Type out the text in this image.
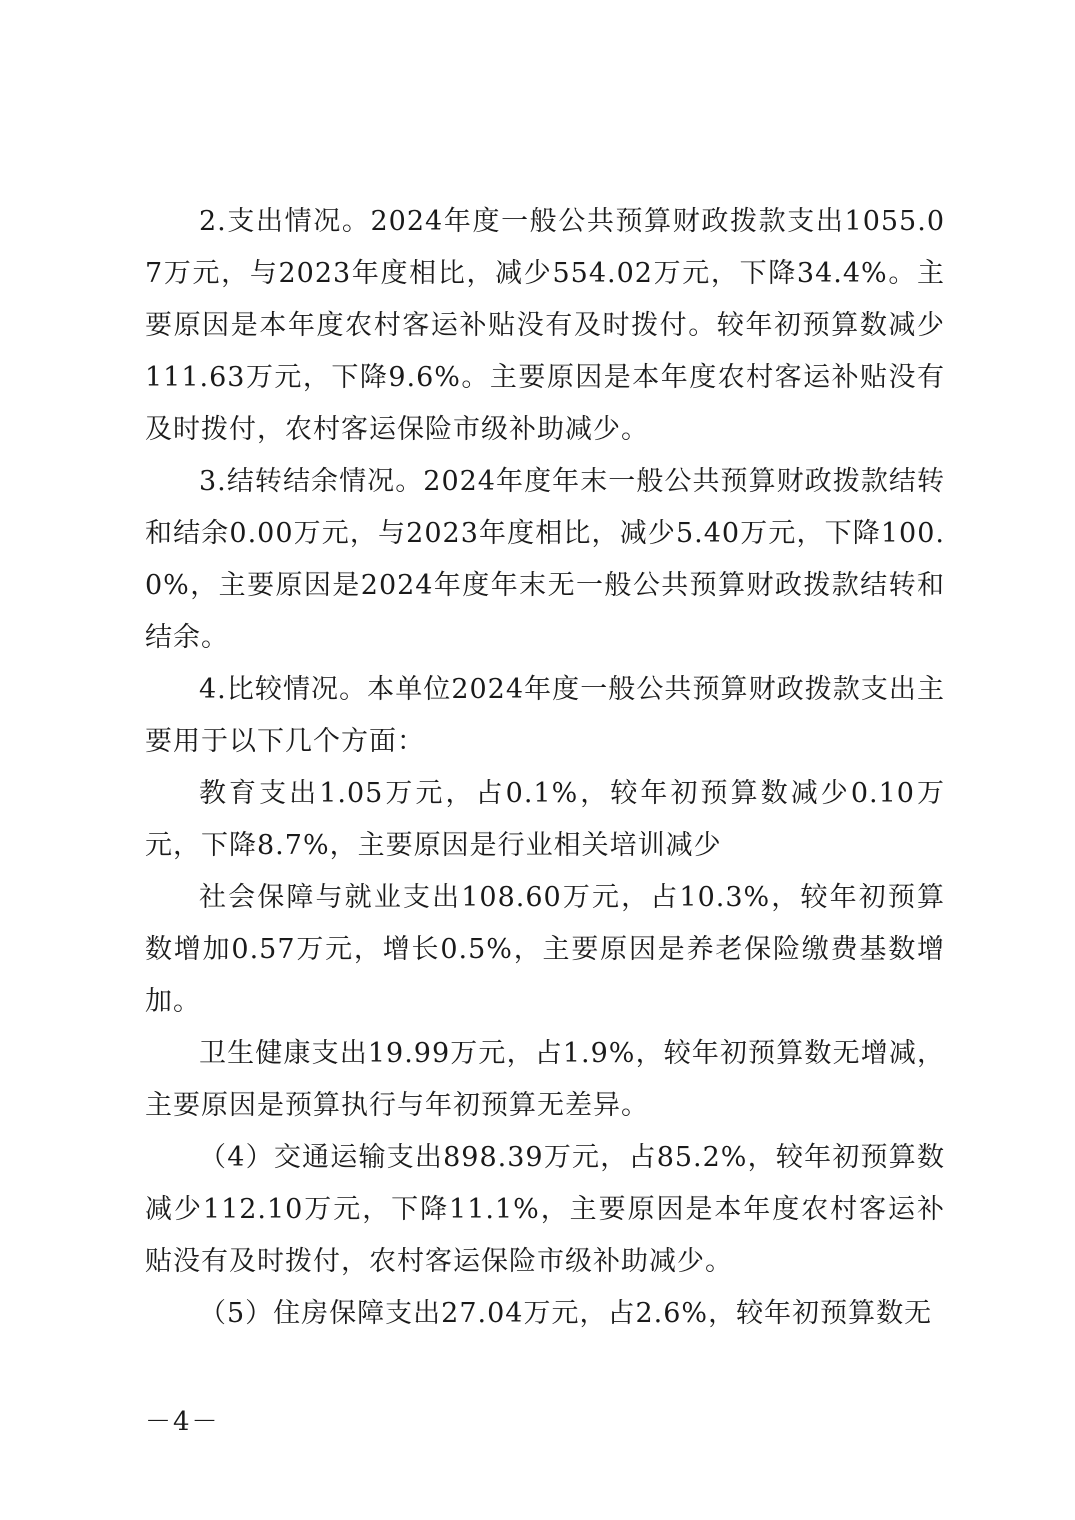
2.支出情况。2024年度一般公共预算财政拨款支出1055.07万元，与2023年度相比，减少554.02万元，下降34.4%。主要原因是本年度农村客运补贴没有及时拨付。较年初预算数减少111.63万元，下降9.6%。主要原因是本年度农村客运补贴没有及时拨付，农村客运保险市级补助减少。

3.结转结余情况。2024年度年末一般公共预算财政拨款结转和结余0.00万元，与2023年度相比，减少5.40万元，下降100.0%，主要原因是2024年度年末无一般公共预算财政拨款结转和结余。

4.比较情况。本单位2024年度一般公共预算财政拨款支出主要用于以下几个方面：

教育支出1.05万元，占0.1%，较年初预算数减少0.10万元，下降8.7%，主要原因是行业相关培训减少

社会保障与就业支出108.60万元，占10.3%，较年初预算数增加0.57万元，增长0.5%，主要原因是养老保险缴费基数增加。

卫生健康支出19.99万元，占1.9%，较年初预算数无增减，主要原因是预算执行与年初预算无差异。

（4）交通运输支出898.39万元，占85.2%，较年初预算数减少112.10万元，下降11.1%，主要原因是本年度农村客运补贴没有及时拨付，农村客运保险市级补助减少。

（5）住房保障支出27.04万元，占2.6%，较年初预算数无

－4－
